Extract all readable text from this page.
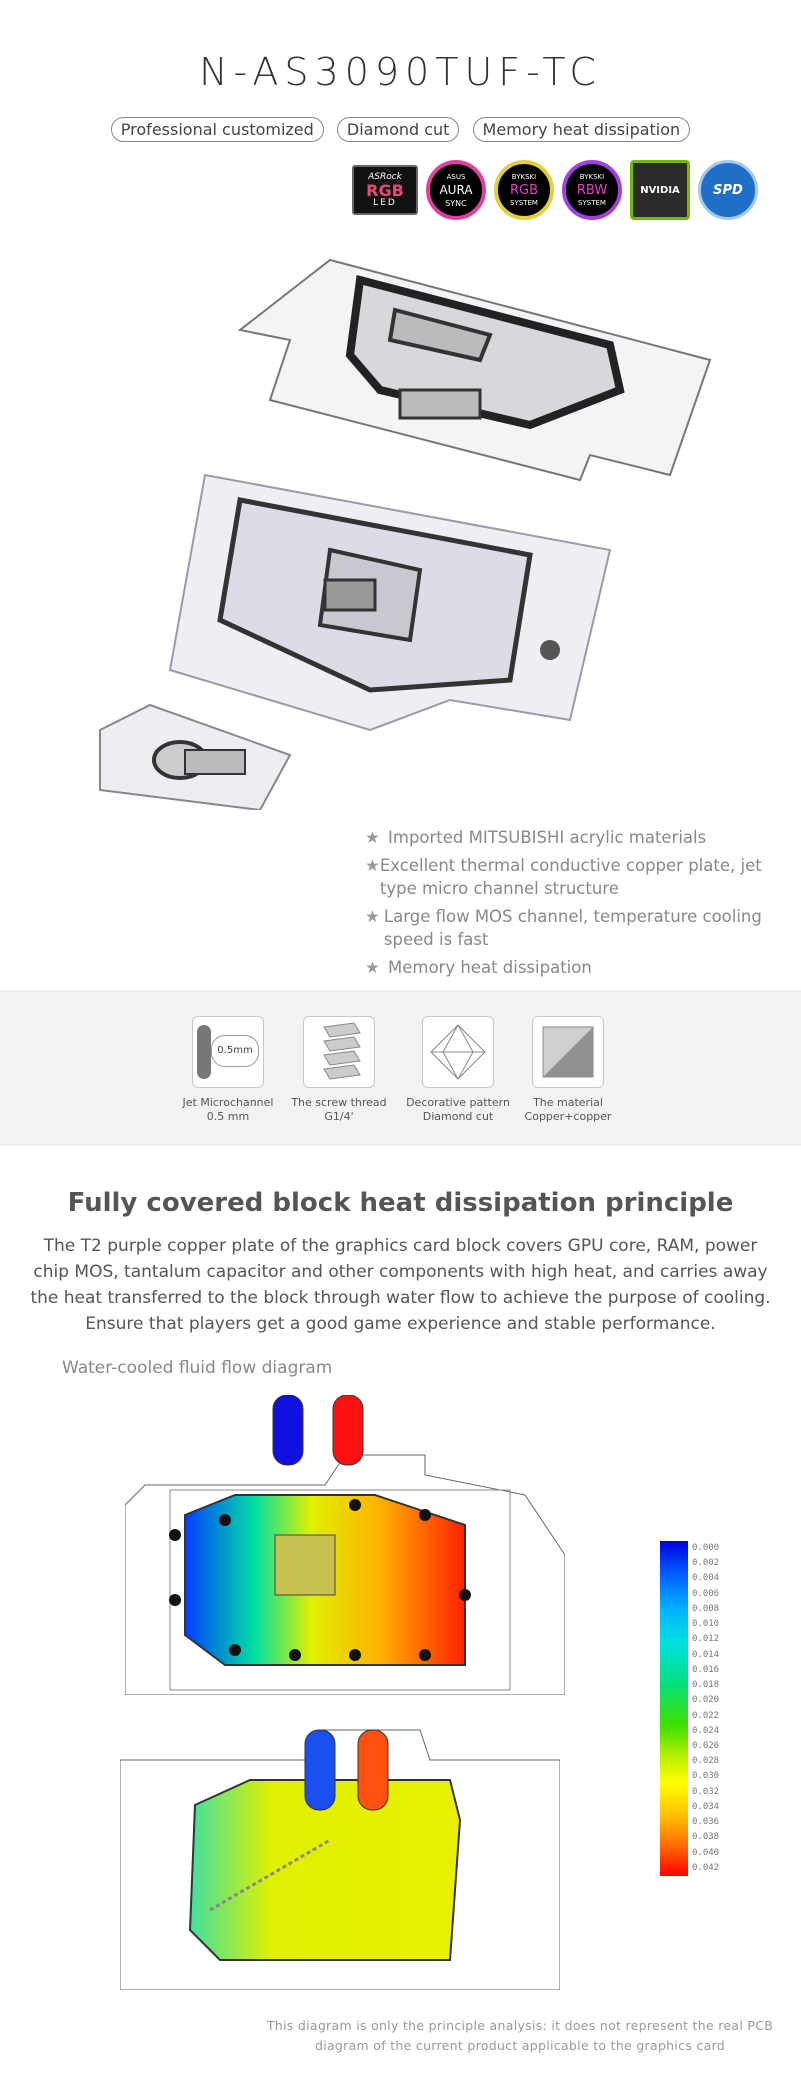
N-AS3090TUF-TC
Professional customized Diamond cut Memory heat dissipation
ASRock
RGB
LED
ASUS
AURA
SYNC
BYKSKI
RGB
SYSTEM
BYKSKI
RBW
SYSTEM
NVIDIA	SPD
★ Imported MITSUBISHI acrylic materials
★ Excellent thermal conductive copper plate, jet type micro channel structure
★ Large flow MOS channel, temperature cooling speed is fast
★ Memory heat dissipation
0.5mm
Jet Microchannel
0.5 mm
The screw thread
G1/4'
Decorative pattern
Diamond cut
The material
Copper+copper
Fully covered block heat dissipation principle
The T2 purple copper plate of the graphics card block covers GPU core, RAM, power chip MOS, tantalum capacitor and other components with high heat, and carries away the heat transferred to the block through water flow to achieve the purpose of cooling. Ensure that players get a good game experience and stable performance.
Water-cooled fluid flow diagram
0.000
0.002
0.004
0.006
0.008
0.010
0.012
0.014
0.016
0.018
0.020
0.022
0.024
0.026
0.028
0.030
0.032
0.034
0.036
0.038
0.040
0.042
This diagram is only the principle analysis: it does not represent the real PCB diagram of the current product applicable to the graphics card
